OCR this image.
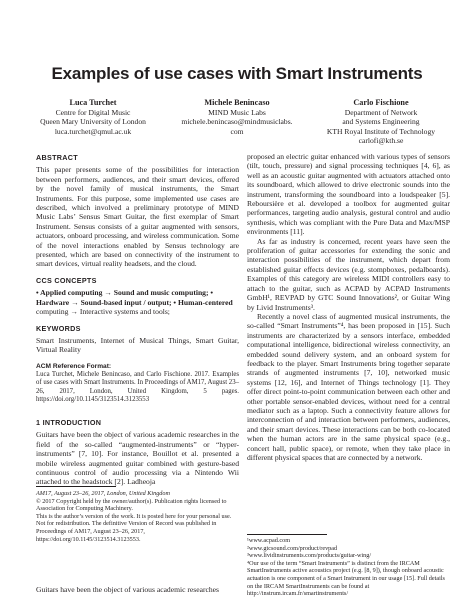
Examples of use cases with Smart Instruments
Luca Turchet
Centre for Digital Music
Queen Mary University of London
luca.turchet@qmul.ac.uk
Michele Benincaso
MIND Music Labs
michele.benincaso@mindmusiclabs.
com
Carlo Fischione
Department of Network
and Systems Engineering
KTH Royal Institute of Technology
carlofi@kth.se
ABSTRACT

This paper presents some of the possibilities for interaction between performers, audiences, and their smart devices, offered by the novel family of musical instruments, the Smart Instruments. For this purpose, some implemented use cases are described, which involved a preliminary prototype of MIND Music Labs’ Sensus Smart Guitar, the first exemplar of Smart Instrument. Sensus consists of a guitar augmented with sensors, actuators, onboard processing, and wireless communication. Some of the novel interactions enabled by Sensus technology are presented, which are based on connectivity of the instrument to smart devices, virtual reality headsets, and the cloud.

CCS CONCEPTS

• Applied computing → Sound and music computing; •

Hardware → Sound-based input / output; • Human-centered

computing → Interactive systems and tools;

KEYWORDS

Smart Instruments, Internet of Musical Things, Smart Guitar, Virtual Reality

ACM Reference Format:

Luca Turchet, Michele Benincaso, and Carlo Fischione. 2017. Examples of use cases with Smart Instruments. In Proceedings of AM17, August 23–26, 2017, London, United Kingdom, 5 pages. https://doi.org/10.1145/3123514.3123553

1 INTRODUCTION

Guitars have been the object of various academic researches in the field of the so-called “augmented-instruments” or “hyper-instruments” [7, 10]. For instance, Bouillot et al. presented a mobile wireless augmented guitar combined with gesture-based continuous control of audio processing via a Nintendo Wii attached to the headstock [2]. Ladheoja

AM17, August 23–26, 2017, London, United Kingdom
© 2017 Copyright held by the owner/author(s). Publication rights licensed to Association for Computing Machinery.
This is the author’s version of the work. It is posted here for your personal use. Not for redistribution. The definitive Version of Record was published in Proceedings of AM17, August 23–26, 2017, https://doi.org/10.1145/3123514.3123553.
Guitars have been the object of various academic researches

proposed an electric guitar enhanced with various types of sensors (tilt, touch, pressure) and signal processing techniques [4, 6], as well as an acoustic guitar augmented with actuators attached onto its soundboard, which allowed to drive electronic sounds into the instrument, transforming the soundboard into a loudspeaker [5]. Reboursière et al. developed a toolbox for augmented guitar performances, targeting audio analysis, gestural control and audio synthesis, which was compliant with the Pure Data and Max/MSP environments [11].

As far as industry is concerned, recent years have seen the proliferation of guitar accessories for extending the sonic and interaction possibilities of the instrument, which depart from established guitar effects devices (e.g. stompboxes, pedalboards). Examples of this category are wireless MIDI controllers easy to attach to the guitar, such as ACPAD by ACPAD Instruments GmbH¹, REVPAD by GTC Sound Innovations², or Guitar Wing by Livid Instruments³.

Recently a novel class of augmented musical instruments, the so-called “Smart Instruments”⁴, has been proposed in [15]. Such instruments are characterized by a sensors interface, embedded computational intelligence, bidirectional wireless connectivity, an embedded sound delivery system, and an onboard system for feedback to the player. Smart Instruments bring together separate strands of augmented instruments [7, 10], networked music systems [12, 16], and Internet of Things technology [1]. They offer direct point-to-point communication between each other and other portable sensor-enabled devices, without need for a central mediator such as a laptop. Such a connectivity feature allows for interconnection of and interaction between performers, audiences, and their smart devices. These interactions can be both co-located when the human actors are in the same physical space (e.g., concert hall, public space), or remote, when they take place in different physical spaces that are connected by a network.

¹www.acpad.com
²www.gtcsound.com/product/revpad
³www.lividinstruments.com/products/guitar-wing/
⁴Our use of the term “Smart Instruments” is distinct from the IRCAM SmartInstruments active acoustics project (e.g. [8, 9]), though onboard acoustic actuation is one component of a Smart Instrument in our usage [15]. Full details on the IRCAM SmartInstruments can be found at http://instrum.ircam.fr/smartinstruments/
